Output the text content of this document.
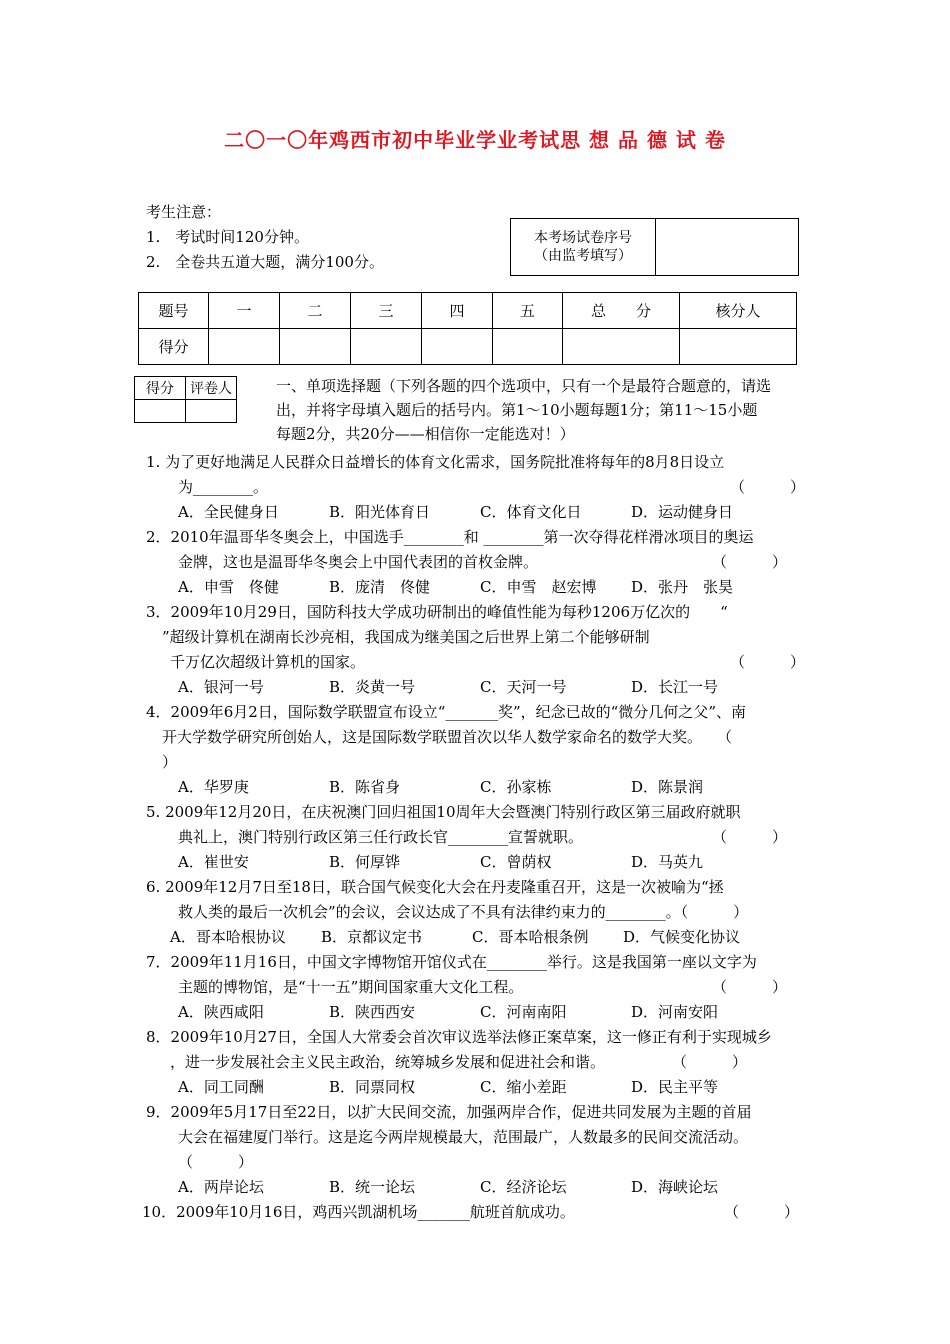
二〇一〇年鸡西市初中毕业学业考试思 想 品 德 试 卷
考生注意：
1.　考试时间120分钟。
2.　全卷共五道大题，满分100分。
本考场试卷序号
（由监考填写）

题号	一	二	三	四	五	总　　分	核分人
得分							
得分	评卷人
		一、单项选择题（下列各题的四个选项中，只有一个是最符合题意的，请选
出，并将字母填入题后的括号内。第1～10小题每题1分；第11～15小题
每题2分，共20分——相信你一定能选对！）
1. 为了更好地满足人民群众日益增长的体育文化需求，国务院批准将每年的8月8日设立
为________。	（　　　）
A．全民健身日	B．阳光体育日	C．体育文化日	D．运动健身日
2．2010年温哥华冬奥会上，中国选手________和 ________第一次夺得花样滑冰项目的奥运
金牌，这也是温哥华冬奥会上中国代表团的首枚金牌。	（　　　）
A．申雪　佟健	B．庞清　佟健	C．申雪　赵宏博	D．张丹　张昊
3．2009年10月29日，国防科技大学成功研制出的峰值性能为每秒1206万亿次的　　“
”超级计算机在湖南长沙亮相，我国成为继美国之后世界上第二个能够研制
千万亿次超级计算机的国家。	（　　　）
A．银河一号	B．炎黄一号	C．天河一号	D．长江一号
4．2009年6月2日，国际数学联盟宣布设立“_______奖”，纪念已故的“微分几何之父”、南
开大学数学研究所创始人，这是国际数学联盟首次以华人数学家命名的数学大奖。　　（
）
A．华罗庚	B．陈省身	C．孙家栋	D．陈景润
5. 2009年12月20日，在庆祝澳门回归祖国10周年大会暨澳门特别行政区第三届政府就职
典礼上，澳门特别行政区第三任行政长官________宣誓就职。	（　　　）
A．崔世安	B．何厚铧	C．曾荫权	D．马英九
6. 2009年12月7日至18日，联合国气候变化大会在丹麦隆重召开，这是一次被喻为“拯
救人类的最后一次机会”的会议，会议达成了不具有法律约束力的________。（　　　）
A．哥本哈根协议	B．京都议定书	C．哥本哈根条例	D．气候变化协议
7．2009年11月16日，中国文字博物馆开馆仪式在________举行。这是我国第一座以文字为
主题的博物馆，是“十一五”期间国家重大文化工程。	（　　　）
A．陕西咸阳	B．陕西西安	C．河南南阳	D．河南安阳
8．2009年10月27日，全国人大常委会首次审议选举法修正案草案，这一修正有利于实现城乡
，进一步发展社会主义民主政治，统筹城乡发展和促进社会和谐。	（　　　）
A．同工同酬	B．同票同权	C．缩小差距	D．民主平等
9．2009年5月17日至22日，以扩大民间交流，加强两岸合作，促进共同发展为主题的首届
大会在福建厦门举行。这是迄今两岸规模最大，范围最广，人数最多的民间交流活动。
（　　　）
A．两岸论坛	B．统一论坛	C．经济论坛	D．海峡论坛
10．2009年10月16日，鸡西兴凯湖机场_______航班首航成功。	（　　　）
